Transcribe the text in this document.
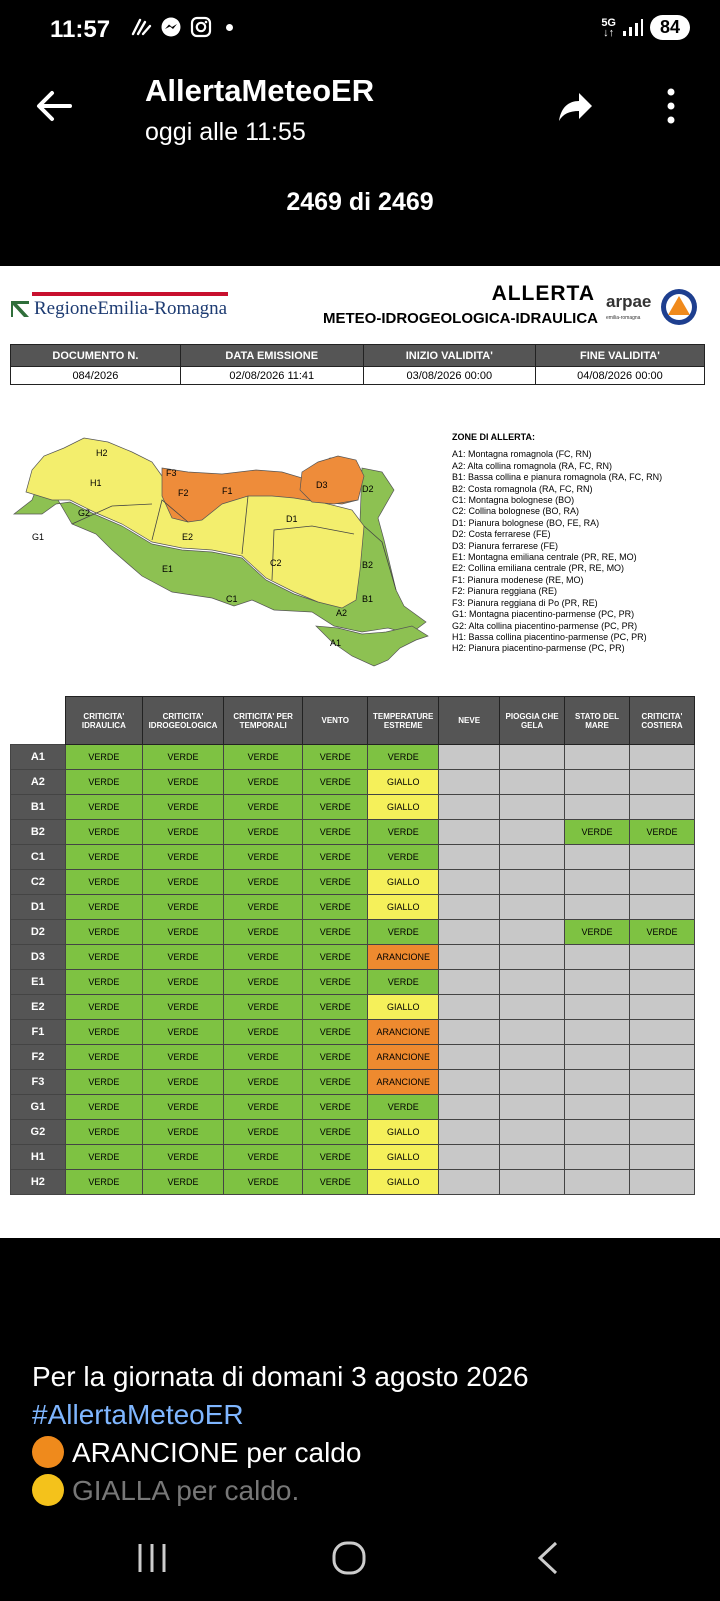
11:57	5G
↓↑	84
AllertaMeteoER
oggi alle 11:55
2469 di 2469
RegioneEmilia-Romagna
ALLERTA
METEO-IDROGEOLOGICA-IDRAULICA
arpae
emilia-romagna
DOCUMENTO N.	DATA EMISSIONE	INIZIO VALIDITA'	FINE VALIDITA'
084/2026	02/08/2026 11:41	03/08/2026 00:00	04/08/2026 00:00
H2
H1
G2
G1
F3
F2	F1
D3	D2
D1
E2
E1
C2
C1
B2
B1
A2
A1
ZONE DI ALLERTA:
A1: Montagna romagnola (FC, RN)
A2: Alta collina romagnola (RA, FC, RN)
B1: Bassa collina e pianura romagnola (RA, FC, RN)
B2: Costa romagnola (RA, FC, RN)
C1: Montagna bolognese (BO)
C2: Collina bolognese (BO, RA)
D1: Pianura bolognese (BO, FE, RA)
D2: Costa ferrarese (FE)
D3: Pianura ferrarese (FE)
E1: Montagna emiliana centrale (PR, RE, MO)
E2: Collina emiliana centrale (PR, RE, MO)
F1: Pianura modenese (RE, MO)
F2: Pianura reggiana (RE)
F3: Pianura reggiana di Po (PR, RE)
G1: Montagna piacentino-parmense (PC, PR)
G2: Alta collina piacentino-parmense (PC, PR)
H1: Bassa collina piacentino-parmense (PC, PR)
H2: Pianura piacentino-parmense (PC, PR)
	CRITICITA' IDRAULICA	CRITICITA' IDROGEOLOGICA	CRITICITA' PER TEMPORALI	VENTO	TEMPERATURE ESTREME	NEVE	PIOGGIA CHE GELA	STATO DEL MARE	CRITICITA' COSTIERA
A1	VERDE	VERDE	VERDE	VERDE	VERDE				
A2	VERDE	VERDE	VERDE	VERDE	GIALLO				
B1	VERDE	VERDE	VERDE	VERDE	GIALLO				
B2	VERDE	VERDE	VERDE	VERDE	VERDE			VERDE	VERDE
C1	VERDE	VERDE	VERDE	VERDE	VERDE				
C2	VERDE	VERDE	VERDE	VERDE	GIALLO				
D1	VERDE	VERDE	VERDE	VERDE	GIALLO				
D2	VERDE	VERDE	VERDE	VERDE	VERDE			VERDE	VERDE
D3	VERDE	VERDE	VERDE	VERDE	ARANCIONE				
E1	VERDE	VERDE	VERDE	VERDE	VERDE				
E2	VERDE	VERDE	VERDE	VERDE	GIALLO				
F1	VERDE	VERDE	VERDE	VERDE	ARANCIONE				
F2	VERDE	VERDE	VERDE	VERDE	ARANCIONE				
F3	VERDE	VERDE	VERDE	VERDE	ARANCIONE				
G1	VERDE	VERDE	VERDE	VERDE	VERDE				
G2	VERDE	VERDE	VERDE	VERDE	GIALLO				
H1	VERDE	VERDE	VERDE	VERDE	GIALLO				
H2	VERDE	VERDE	VERDE	VERDE	GIALLO				
Per la giornata di domani 3 agosto 2026
#AllertaMeteoER
ARANCIONE per caldo
GIALLA per caldo.
